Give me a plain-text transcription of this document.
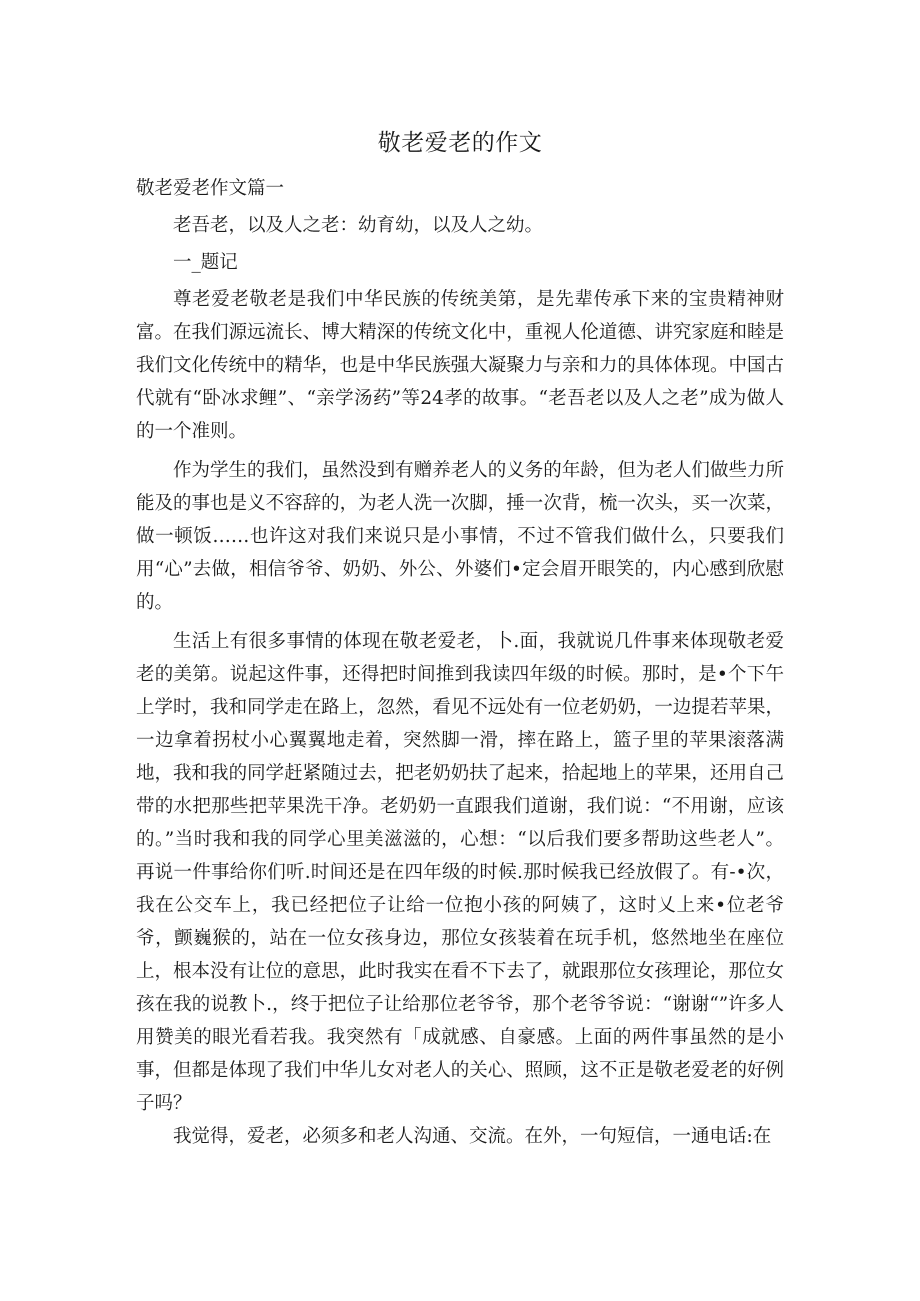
敬老爱老的作文

敬老爱老作文篇一

老吾老，以及人之老：幼育幼，以及人之幼。

一_题记

尊老爱老敬老是我们中华民族的传统美第，是先辈传承下来的宝贵精神财富。在我们源远流长、博大精深的传统文化中，重视人伦道德、讲究家庭和睦是我们文化传统中的精华，也是中华民族强大凝聚力与亲和力的具体体现。中国古代就有“卧冰求鲤”、“亲学汤药”等24孝的故事。“老吾老以及人之老”成为做人的一个准则。

作为学生的我们，虽然没到有赠养老人的义务的年龄，但为老人们做些力所能及的事也是义不容辞的，为老人洗一次脚，捶一次背，梳一次头，买一次菜，做一顿饭……也许这对我们来说只是小事情，不过不管我们做什么，只要我们用“心”去做，相信爷爷、奶奶、外公、外婆们•定会眉开眼笑的，内心感到欣慰的。

生活上有很多事情的体现在敬老爱老，卜.面，我就说几件事来体现敬老爱老的美第。说起这件事，还得把时间推到我读四年级的时候。那时，是•个下午上学时，我和同学走在路上，忽然，看见不远处有一位老奶奶，一边提若苹果，一边拿着拐杖小心翼翼地走着，突然脚一滑，摔在路上，篮子里的苹果滚落满地，我和我的同学赶紧随过去，把老奶奶扶了起来，拾起地上的苹果，还用自己带的水把那些把苹果洗干净。老奶奶一直跟我们道谢，我们说：“不用谢，应该的。”当时我和我的同学心里美滋滋的，心想：“以后我们要多帮助这些老人”。再说一件事给你们听.时间还是在四年级的时候.那时候我已经放假了。有-•次，我在公交车上，我已经把位子让给一位抱小孩的阿姨了，这时乂上来•位老爷爷，颤巍猴的，站在一位女孩身边，那位女孩装着在玩手机，悠然地坐在座位上，根本没有让位的意思，此时我实在看不下去了，就跟那位女孩理论，那位女孩在我的说教卜.，终于把位子让给那位老爷爷，那个老爷爷说：“谢谢“”许多人用赞美的眼光看若我。我突然有「成就感、自豪感。上面的两件事虽然的是小事，但都是体现了我们中华儿女对老人的关心、照顾，这不正是敬老爱老的好例子吗？

我觉得，爱老，必须多和老人沟通、交流。在外，一句短信，一通电话:在
